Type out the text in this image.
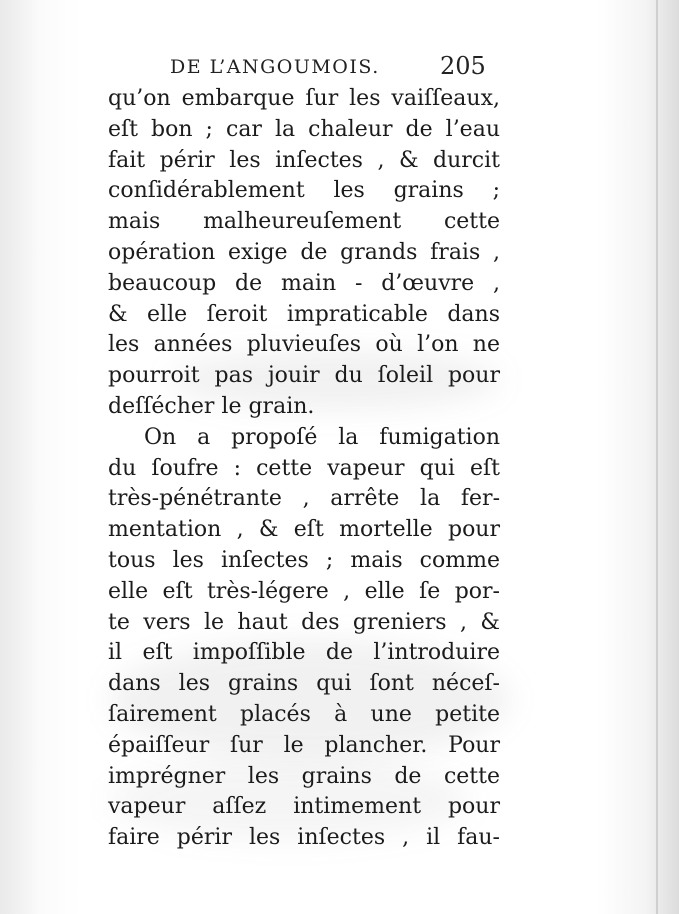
DE L’ANGOUMOIS.	205
qu’on embarque ſur les vaiſſeaux,
eſt bon ; car la chaleur de l’eau
fait périr les inſectes , & durcit
conſidérablement les grains ;
mais malheureuſement cette
opération exige de grands frais ,
beaucoup de main - d’œuvre ,
& elle ſeroit impraticable dans
les années pluvieuſes où l’on ne
pourroit pas jouir du ſoleil pour
deſſécher le grain.
On a propoſé la fumigation
du ſoufre : cette vapeur qui eſt
très-pénétrante , arrête la fer-
mentation , & eſt mortelle pour
tous les inſectes ; mais comme
elle eſt très-légere , elle ſe por-
te vers le haut des greniers , &
il eſt impoſſible de l’introduire
dans les grains qui ſont néceſ-
ſairement placés à une petite
épaiſſeur ſur le plancher. Pour
imprégner les grains de cette
vapeur aſſez intimement pour
faire périr les inſectes , il fau-
